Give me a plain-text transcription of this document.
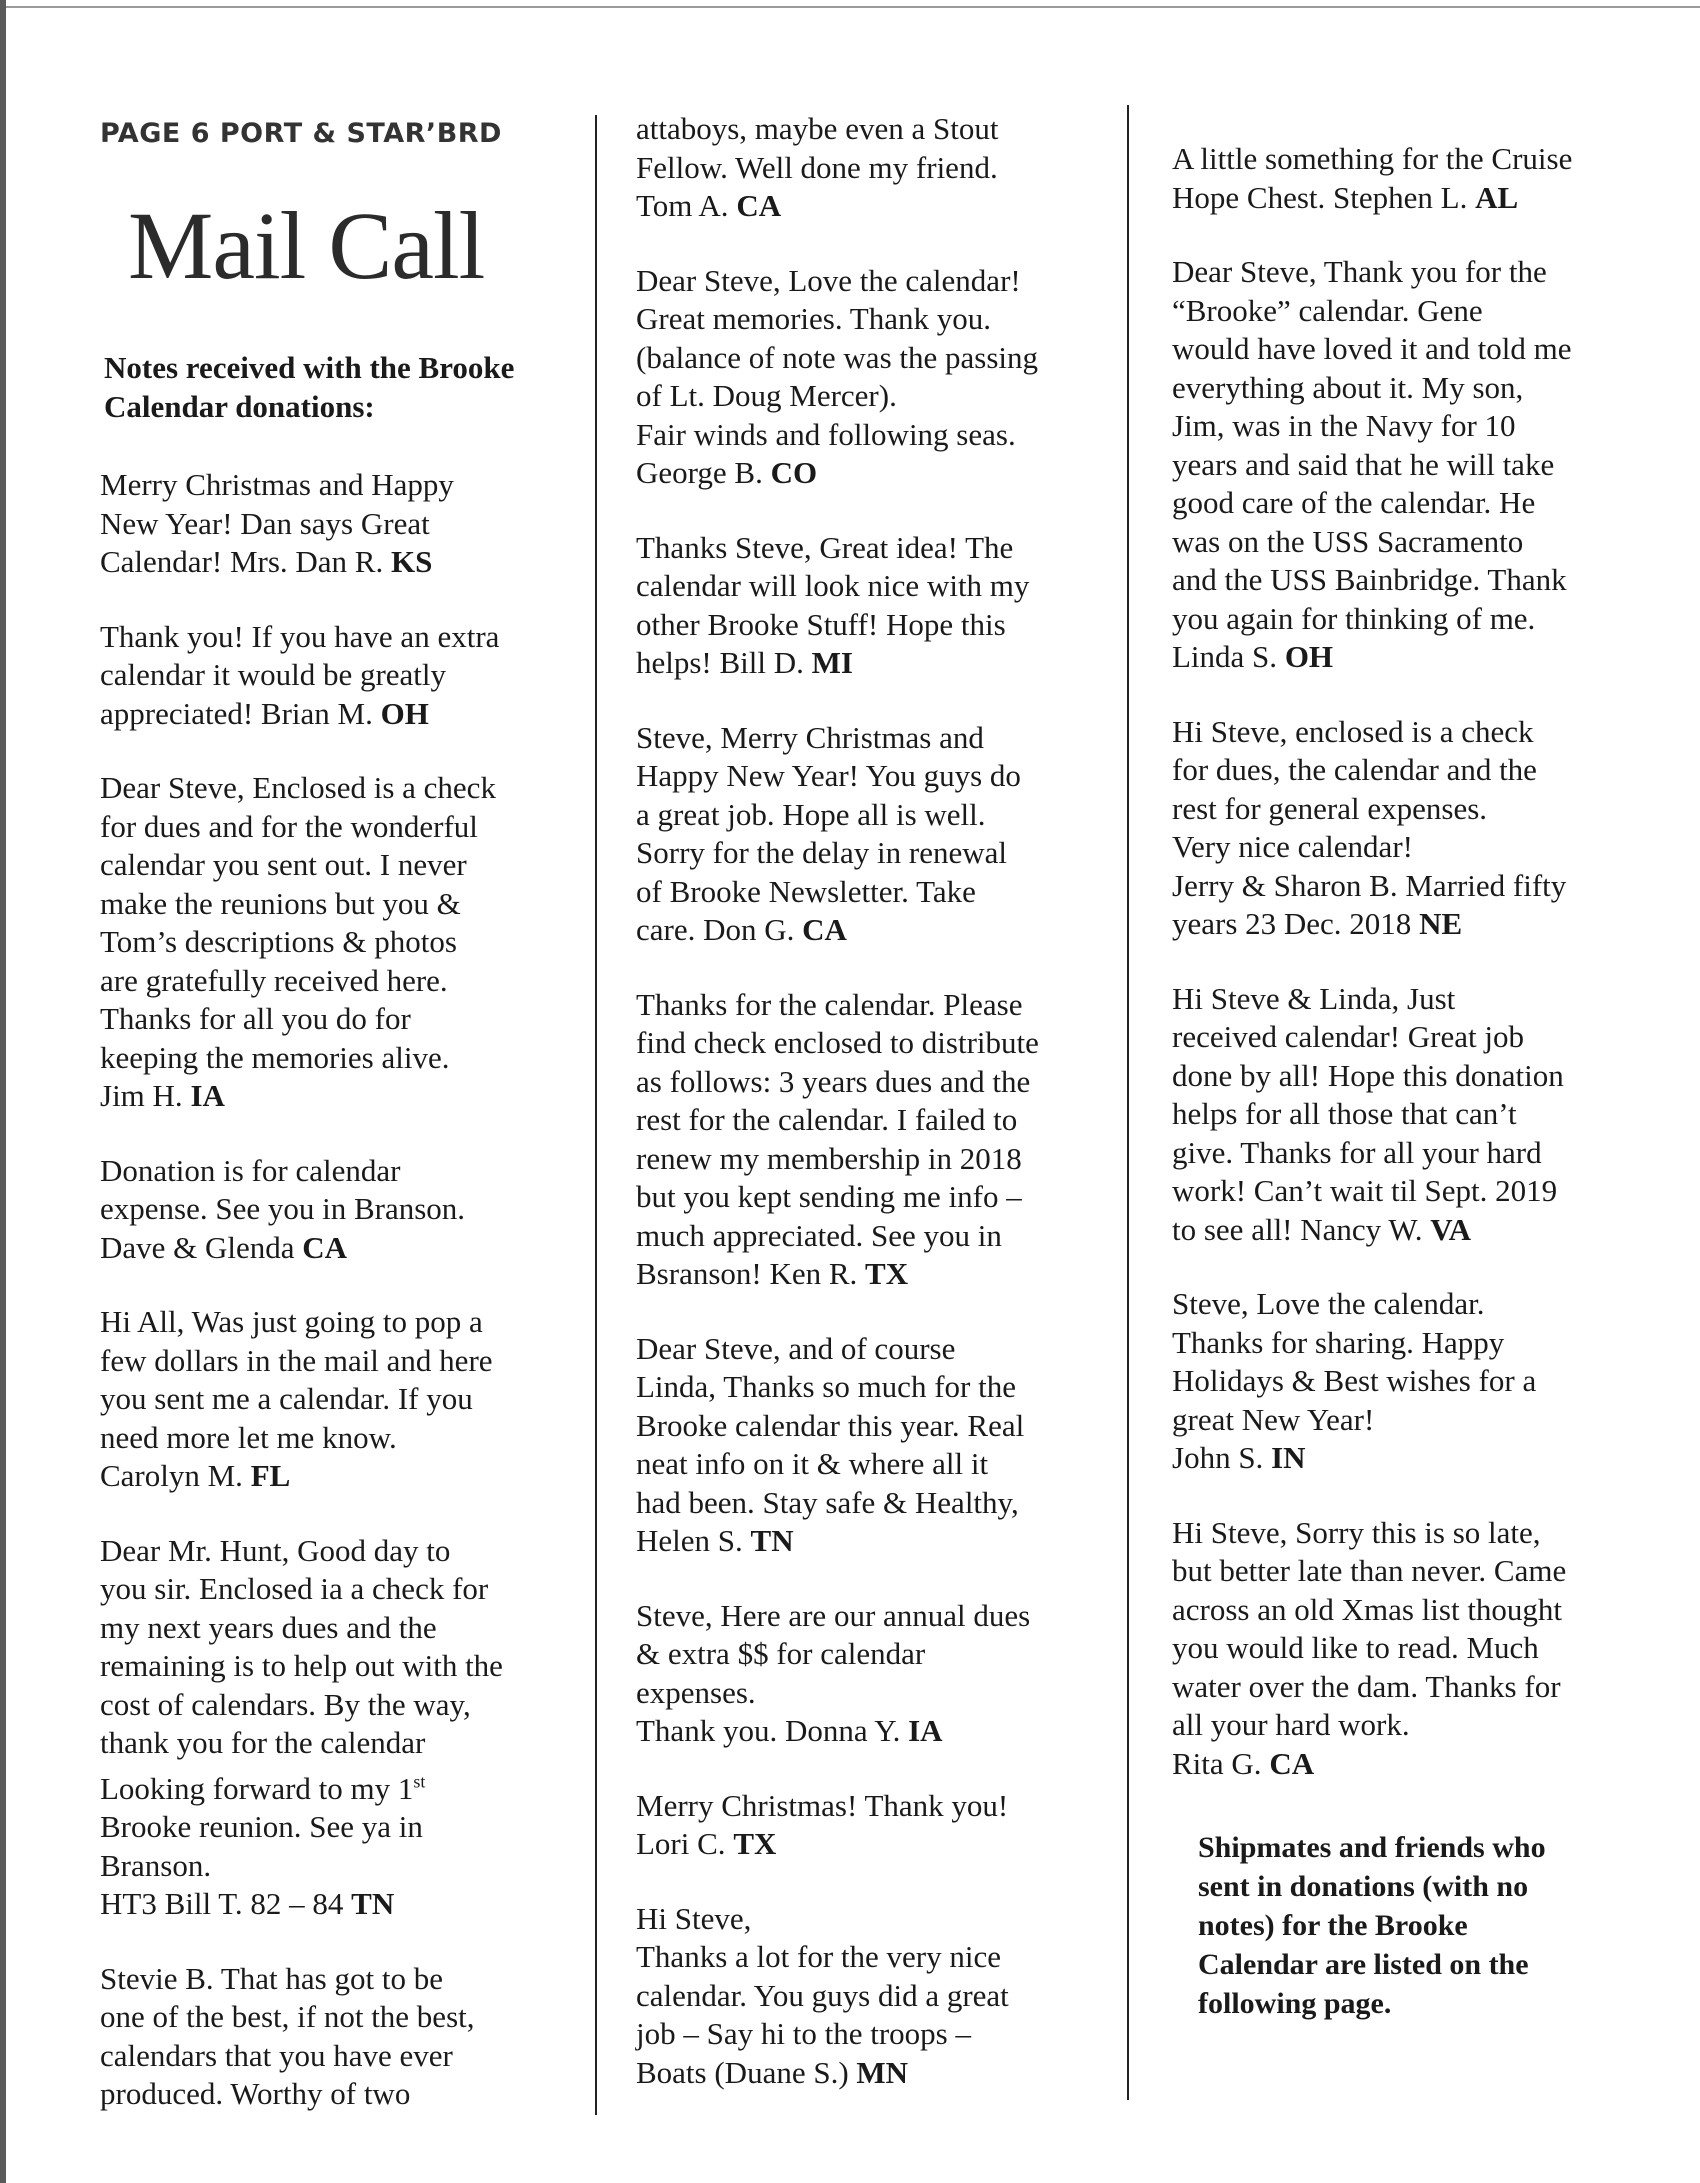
PAGE 6 PORT & STAR’BRD
Mail Call
Notes received with the Brooke Calendar donations:
Merry Christmas and Happy
New Year! Dan says Great
Calendar! Mrs. Dan R. KS
Thank you! If you have an extra
calendar it would be greatly
appreciated! Brian M. OH
Dear Steve, Enclosed is a check
for dues and for the wonderful
calendar you sent out. I never
make the reunions but you &
Tom’s descriptions & photos
are gratefully received here.
Thanks for all you do for
keeping the memories alive.
Jim H. IA
Donation is for calendar
expense. See you in Branson.
Dave & Glenda CA
Hi All, Was just going to pop a
few dollars in the mail and here
you sent me a calendar. If you
need more let me know.
Carolyn M. FL
Dear Mr. Hunt, Good day to
you sir. Enclosed ia a check for
my next years dues and the
remaining is to help out with the
cost of calendars. By the way,
thank you for the calendar
Looking forward to my 1st
Brooke reunion. See ya in
Branson.
HT3 Bill T. 82 – 84 TN
Stevie B. That has got to be
one of the best, if not the best,
calendars that you have ever
produced. Worthy of two
attaboys, maybe even a Stout
Fellow. Well done my friend.
Tom A. CA
Dear Steve, Love the calendar!
Great memories. Thank you.
(balance of note was the passing
of Lt. Doug Mercer).
Fair winds and following seas.
George B. CO
Thanks Steve, Great idea! The
calendar will look nice with my
other Brooke Stuff! Hope this
helps! Bill D. MI
Steve, Merry Christmas and
Happy New Year! You guys do
a great job. Hope all is well.
Sorry for the delay in renewal
of Brooke Newsletter. Take
care. Don G. CA
Thanks for the calendar. Please
find check enclosed to distribute
as follows: 3 years dues and the
rest for the calendar. I failed to
renew my membership in 2018
but you kept sending me info –
much appreciated. See you in
Bsranson! Ken R. TX
Dear Steve, and of course
Linda, Thanks so much for the
Brooke calendar this year. Real
neat info on it & where all it
had been. Stay safe & Healthy,
Helen S. TN
Steve, Here are our annual dues
& extra $$ for calendar
expenses.
Thank you. Donna Y. IA
Merry Christmas! Thank you!
Lori C. TX
Hi Steve,
Thanks a lot for the very nice
calendar. You guys did a great
job – Say hi to the troops –
Boats (Duane S.) MN
A little something for the Cruise
Hope Chest. Stephen L. AL
Dear Steve, Thank you for the
“Brooke” calendar. Gene
would have loved it and told me
everything about it. My son,
Jim, was in the Navy for 10
years and said that he will take
good care of the calendar. He
was on the USS Sacramento
and the USS Bainbridge. Thank
you again for thinking of me.
Linda S. OH
Hi Steve, enclosed is a check
for dues, the calendar and the
rest for general expenses.
Very nice calendar!
Jerry & Sharon B. Married fifty
years 23 Dec. 2018 NE
Hi Steve & Linda, Just
received calendar! Great job
done by all! Hope this donation
helps for all those that can’t
give. Thanks for all your hard
work! Can’t wait til Sept. 2019
to see all! Nancy W. VA
Steve, Love the calendar.
Thanks for sharing. Happy
Holidays & Best wishes for a
great New Year!
John S. IN
Hi Steve, Sorry this is so late,
but better late than never. Came
across an old Xmas list thought
you would like to read. Much
water over the dam. Thanks for
all your hard work.
Rita G. CA
Shipmates and friends who
sent in donations (with no
notes) for the Brooke
Calendar are listed on the
following page.
